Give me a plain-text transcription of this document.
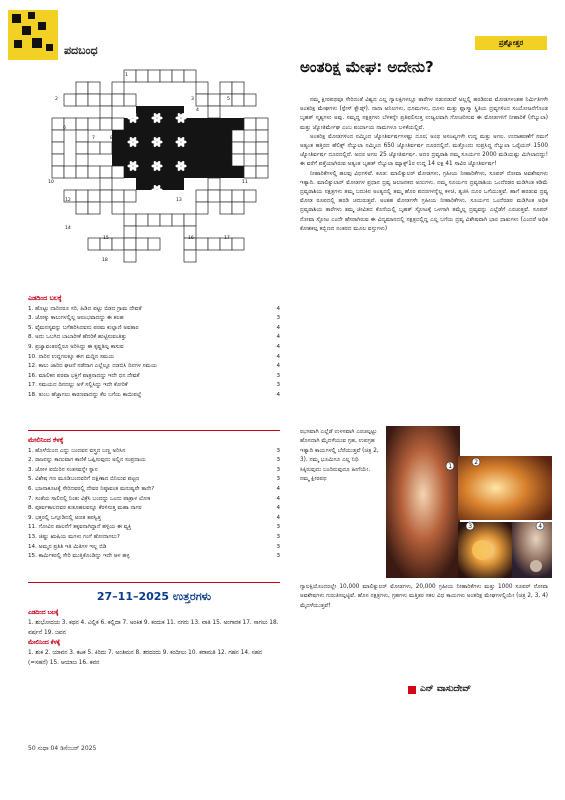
ಪದಬಂಧ
1
2	3
4
5
6
7	8	9
10	11
12	13
14
15	16	17
18
ಎಡದಿಂದ ಬಲಕ್ಕೆ
1. ಹೊಟ್ಟು ದಾರಿದರೂ ಸರಿ, ಹಿಡಿದ ಪಟ್ಟು ಬಿಡದ ಗ್ರಾಮ ದೇವತೆ	4
3. ಜೋಕ್ಕು ಕಾಲುಗಳಲ್ಲಿಲ್ಲ ಆರಂಭವಾದದ್ದು ಈ ಕಲಹ	3
5. ವೈಮನಸ್ಯವನ್ನು ಬಗೆಹರಿಸಿದವನು ಪರಮ ಕುಲ್ಲಾಣಿ ಅವತಾರ	4
8. ಅದು ಒಬಗಿದ ಬಾಬಾರೀಕೆ ಹೆದರಿಕೆ ಹುಟ್ಟಿಸುವಂತಿತ್ತು	4
9. ಪ್ರಜ್ವಾವಂತರಲ್ಲಿರೂ ಅರಿಸಿದ್ದು ಈ ಕೃಷ್ಣಶಿಲ್ಪ ಕಾಸುವ	4
10. ನಾರಿನ ಉದ್ದಗಲಕ್ಕೂ ಈಗ ಮದ್ದಿನ ಸಮಯ	4
12. ಕಾಲು ಜಾರಿದ ಘಟನೆ ನಡೆದಾಗ ಎಲ್ಲೆಲ್ಲೂ ದಡಬಿಸಿ ದಿನಗಳ ಸಮಯ	4
16. ಮಾಲಿಕನ ಪರವಾ ಭಕ್ತಿಗೆ ಪಾತ್ರನಾದದ್ದು ಇದೇ ಧನ ದೇವತೆ	3
17. ಸಮಯದ ದಿನದಲ್ಲು ಅಳೆ ಸಲ್ಲಿಸಿದ್ದು ಇದೇ ಕೋರಿಕೆ	3
18. ತುಂಬ ಹೆಜ್ಜಾಗಲು ಕಾರಣವಾದದ್ದು ಕೆಲ ಬಗೆಯ ಕಾಯಿಪಲ್ಲೆ	4
ಮೇಲಿನಿಂದ ಕೆಳಕ್ಕೆ
1. ಹೊಳೆಯಿಂದ ಎದ್ದು ಬಂದವನ ವಸ್ತ್ರದ ಬಣ್ಣ ಅರಿಸಿನ	3
2. ರಾಜನನ್ನು ಕಾಣುವಾಗ ಕಾಣಿಕೆ ಒಪ್ಪಿಸುವುದು ಅಲ್ಲಿನ ಸಂಪ್ರದಾಯ	3
3. ಜೋಳ ಪಯಿರಿನ ಸಂತಸವನ್ನೇ ಸ್ನಾನ	3
5. ವಿಶೇಷ ಗಣ ಮೂಡಿಬಂದವರಿಗೆ ದಕ್ಷಿಣಾದ ಬಿನಿಲುವ ಪಟ್ಟಣ	3
6. ಭಜನಾಕೂಟಕ್ಕೆ ಸೇರಿದವರಲ್ಲಿ ದೇವರ ನಿಷ್ಠಾವಂತ ಮನುಷ್ಯರೇ ತಾನೇ?	4
7. ಸಂತೆಯ ಸಾಲಿನಲ್ಲಿ ನಿಂತು ವಿಕ್ರೆಸಿ ಬಂದದ್ದು ಒಂದು ಪಾತ್ರಾಳ ಲೋಕ	4
8. ಪೂರ್ವಕಾಲದವರ ಕುತೂಹಲವನ್ನೂ ಕೆರಳಿಸುತ್ತ ಮಹಾ ನಾಗರ	4
9. ಭಕ್ತರಲ್ಲಿ ಒಗ್ಗೂಡಿದಲ್ಲಿ ಅಣತ ತಪಸ್ವಿತ್ತ	4
11. ಗೋವಿನ ಪಾಲನೆಗೆ ತಕ್ಕವನಾಗಿದ್ದಾನೆ ಹಳ್ಳಿಯ ಈ ವ್ಯಕ್ತಿ	3
13. ಜಿಷ್ಣು ಋಷಿಯ ಮಗಳು ಗಂಗೆ ಹೋದಾಗಲು?	3
14. ಅಮ್ಮನ ಪ್ರತಿತಿ ಇತಿ ಮಿತಿಗಳ ಇಲ್ಲ ಬಿಡಿ	3
15. ಕಾರ್ಮಿಕರಲ್ಲಿ ಸೇರಿ ಮುತ್ತಿಕೊಂಡಿದ್ದು ಇದೇ ಆಳ ಹಳ್ಳ	3
27–11–2025 ಉತ್ತರಗಳು
ಎಡದಿಂದ ಬಲಕ್ಕೆ
1. ಶುಭೋದಯ 3. ಕಥನ 4. ವಿಲ್ಲಿಕ 6. ಕಲ್ಲಿದಾ 7. ಅಂಕಿತ 9. ಕಂದುಕ 11. ನಗರು 13. ವಾತಿ 15. ಅಂಗಾರಕ 17. ಸಾಗಲು 18. ವರ್ಷನೆ 19. ಜವನ
ಮೇಲಿನಿಂದ ಕೆಳಕ್ಕೆ
1. ಶುಕ 2. ಯಾವನ 3. ಕಟಕ 5. ಕಿರಿದು 7. ಅಂತಿಮನ 8. ತರದಂದು 9. ಕಂದೀಲು 10. ಕರಾಮತಿ 12. ಗಹನ 14. ಸಹನ (=ಸಹನೆ) 15. ಆಯಾಜ 16. ಕವನ
50 ಸುಧಾ 04 ಡಿಸೆಂಬರ್ 2025
ಪ್ರಶ್ನೋತ್ತರ
ಅಂತರಿಕ್ಷ ಮೇಘ: ಅದೇನು?

ನಮ್ಮ ಕ್ಷೀರಪಥವೂ ಸೇರಿದಂತೆ ವಿಶ್ವದ ಎಲ್ಲ ಗ್ಯಾಲಕ್ಸಿಗಳಲ್ಲೂ ತಾರೆಗಳ ನಡುನಡುವೆ ಅಲ್ಲಲ್ಲಿ ಹರಡಿರುವ ಮೋಡಗಳಂತಹ ನಿರ್ಮಿತಿಗಳೇ ಅಂತರಿಕ್ಷ ಮೇಘಗಳು (ಸ್ಪೇಸ್ ಕ್ಲೌಡ್ಸ್). ನಾನಾ ಅನಿಲಗಳು, ಧೂಮಗಳು, ಧೂಳು ಮತ್ತು ಪ್ಲಾಸ್ಮಾ ಸ್ಥಿತಿಯ ದ್ರವ್ಯಗಳಿಂದ ಸಂಯೋಜನೆಗೊಂಡ ಬೃಹತ್ ಸ್ಮಶ್ಯಗಳು ಅವು. ಸಮೃದ್ಧ ನಕ್ಷತ್ರಗಳು ಬೆಳಕನ್ನೇ ಪ್ರತಿಫಲಿಸುತ್ತ ಉಜ್ವಲವಾಗಿ ಗೋಚರಿಸುವ ಈ ಮೋಡಗಳಿಗೆ ನೀಹಾರಿಕೆ (ನೆಬ್ಯುಲಾ) ಮತ್ತು ಜ್ಯೋತಿರ್ಮೇಘ ಎಂಬ ಪರ್ಯಾಯ ನಾಮಗಳೂ ಬಳಕೆಯಲ್ಲಿವೆ.

ಅಂತರಿಕ್ಷ ಮೋಡಗಳಿಂದ ನಮ್ಮಿಂದ ಜ್ಯೋತಿರ್ವರ್ಷಗಳಷ್ಟು ದೂರ; ಅಂಥ ಅಸಂಖ್ಯಗಳೇ ಉದ್ದ ಮತ್ತು ಅಗಲ. ಉದಾಹರಣೆಗೆ ನಮಗೆ ಅತ್ಯಂತ ಹತ್ತಿರದ ಹೆಲಿಕ್ಸ್ ನೆಬ್ಯುಲಾ ನಮ್ಮಿಂದ 650 ಜ್ಯೋತಿರ್ವರ್ಷ ದೂರದಲ್ಲಿದೆ. ಮತ್ತೊಂದು ಸುಪ್ರಸಿದ್ಧ ನೆಬ್ಯುಲಾ ಒರೈಯನ್ 1500 ಜ್ಯೋತಿರ್ವರ್ಷ ದೂರದಲ್ಲಿದೆ. ಅದರ ಅಗಲ 25 ಜ್ಯೋತಿರ್ವರ್ಷ. ಅದರ ದ್ರವ್ಯರಾಶಿ ನಮ್ಮ ಸೂರ್ಯನ 2000 ಮಡಿಯಷ್ಟು ಮಿಗಿಲಾದದ್ದು! ಈ ವರೆಗೆ ಪತ್ತೆಯಾಗಿರುವ ಅತ್ಯಂತ ಬೃಹತ್ ನೆಬ್ಯುಲಾ ಮ್ಯಾಕ್ಸ್‌1ರ ಉದ್ದ 14 ಲಕ್ಷ 41 ಸಾವಿರ ಜ್ಯೋತಿರ್ವರ್ಷ!

ನೀಹಾರಿಕೆಗಳಲ್ಲಿ ಹಲವು ವಿಧಗಳಿವೆ. ಕೂಡ: ಮಾಲಿಕ್ಯುಲರ್ ಮೋಡಗಳು, ಗ್ರಹೀಯ ನೀಹಾರಿಕೆಗಳು, ಸೂಪರ್ ನೋವಾ ಅವಶೇಷಗಳು ಇತ್ಯಾದಿ. ಮಾಲಿಕ್ಯುಲಾರ್ ಮೋಡಗಳ ಪ್ರಧಾನ ದ್ರವ್ಯ ಜಲಜನಕದ ಅಣುಗಳು. ನಮ್ಮ ಸೂರ್ಯನ ದ್ರವ್ಯರಾಶಿಯ ಒಂದೆರಡರ ಮಡಿಗಿಂತ ಕಡಿಮೆ ದ್ರವ್ಯರಾಶಿಯ ನಕ್ಷತ್ರಗಳು ತಮ್ಮ ಬದುಕಿನ ಅಂತ್ಯದಲ್ಲಿ ತಮ್ಮ ಹೊರ ಪದರಗಳನ್ನೆಲ್ಲ ಕಳಚಿ, ತ್ಯಜಿಸಿ ದೂರ ಒಗೆಯುತ್ತವೆ. ಹಾಗೆ ಹರಡುವ ದ್ರವ್ಯ ಮೋಡ ರೂಪದಲ್ಲಿ ಹರಡಿ ಚದುರುತ್ತವೆ. ಅಂತಹ ಮೋಡಗಳೇ ಗ್ರಹೀಯ ನೀಹಾರಿಕೆಗಳು. ಸೂರ್ಯನ ಒಂದೆರಡರ ಮಡಿಗಿಂತ ಅಧಿಕ ದ್ರವ್ಯರಾಶಿಯ ತಾರೆಗಳು ತಮ್ಮ ಜೀವಿತದ ಕೊನೆಯಲ್ಲಿ ಬೃಹತ್ ಸ್ಫೋಟಕ್ಕೆ ಒಳಗಾಗಿ ತಮ್ಮೆಲ್ಲ ದ್ರವ್ಯವನ್ನು ಎಲ್ಲೆಡೆಗೆ ಎರಚುತ್ತವೆ. ಸೂಪರ್ ನೋವಾ ಸ್ಫೋಟ ಎಂದೇ ಹೆಸರಾಗಿರುವ ಈ ವಿದ್ಯಮಾನದಲ್ಲಿ ನಕ್ಷತ್ರದಲ್ಲಿದ್ದ ಎಲ್ಲ ಬಗೆಯ ದ್ರವ್ಯ ವಿಶೇಷವಾಗಿ ಭಾರ ಧಾತುಗಳು (ಎಂದರೆ ಅಧಿಕ ಕೋಶಕಲ್ಪ ಕಬ್ಬಿಣದ ನಂತರದ ಮೂಲ ವಸ್ತುಗಳು)

ರಭಸವಾಗಿ ಎಲ್ಲೆಡೆ ಉಳಸವಾಗಿ ಎರಚಲ್ಪಟ್ಟು ಹೊಸದಾಗಿ ಮೈದಳೆಯುವ ಗ್ರಹ, ಉಪಗ್ರಹ ಇತ್ಯಾದಿ ಕಾಯಗಳಲ್ಲಿ ಬೆರೆಯುತ್ತವೆ (ಚಿತ್ರ 2, 3). ನಮ್ಮ ಭೂಮಿಗೂ ಎಲ್ಲ ನಿಧಿ ಸಿಕ್ಕಿರುವುದು ಬಂದಿರುವುದೂ ಹೀಗೆಯೇ. ನಮ್ಮ ಕ್ಷೀರಪಥ
1
2
3	4
ಗ್ಯಾಲಕ್ಸಿಯೊಂದರಲ್ಲೇ 10,000 ಮಾಲಿಕ್ಯುಲರ್ ಮೋಡಗಳು, 20,000 ಗ್ರಹೀಯ ನೀಹಾರಿಕೆಗಳು ಮತ್ತು 1000 ಸೂಪರ್ ನೋವಾ ಅವಶೇಷಗಳು ಗುರುತಿಸಲ್ಪಟ್ಟಿವೆ. ಹೊಸ ನಕ್ಷತ್ರಗಳು, ಗ್ರಹಗಳು ಮತ್ತಿತರ ಸಕಲ ವಿಧ ಕಾಯಗಳು ಅಂತರಿಕ್ಷ ಮೇಘಗಳಲ್ಲಿಯೇ (ಚಿತ್ರ 2, 3, 4) ಮೈದಳೆಯುತ್ತವೆ!
ಎನ್ ವಾಸುದೇವ್
